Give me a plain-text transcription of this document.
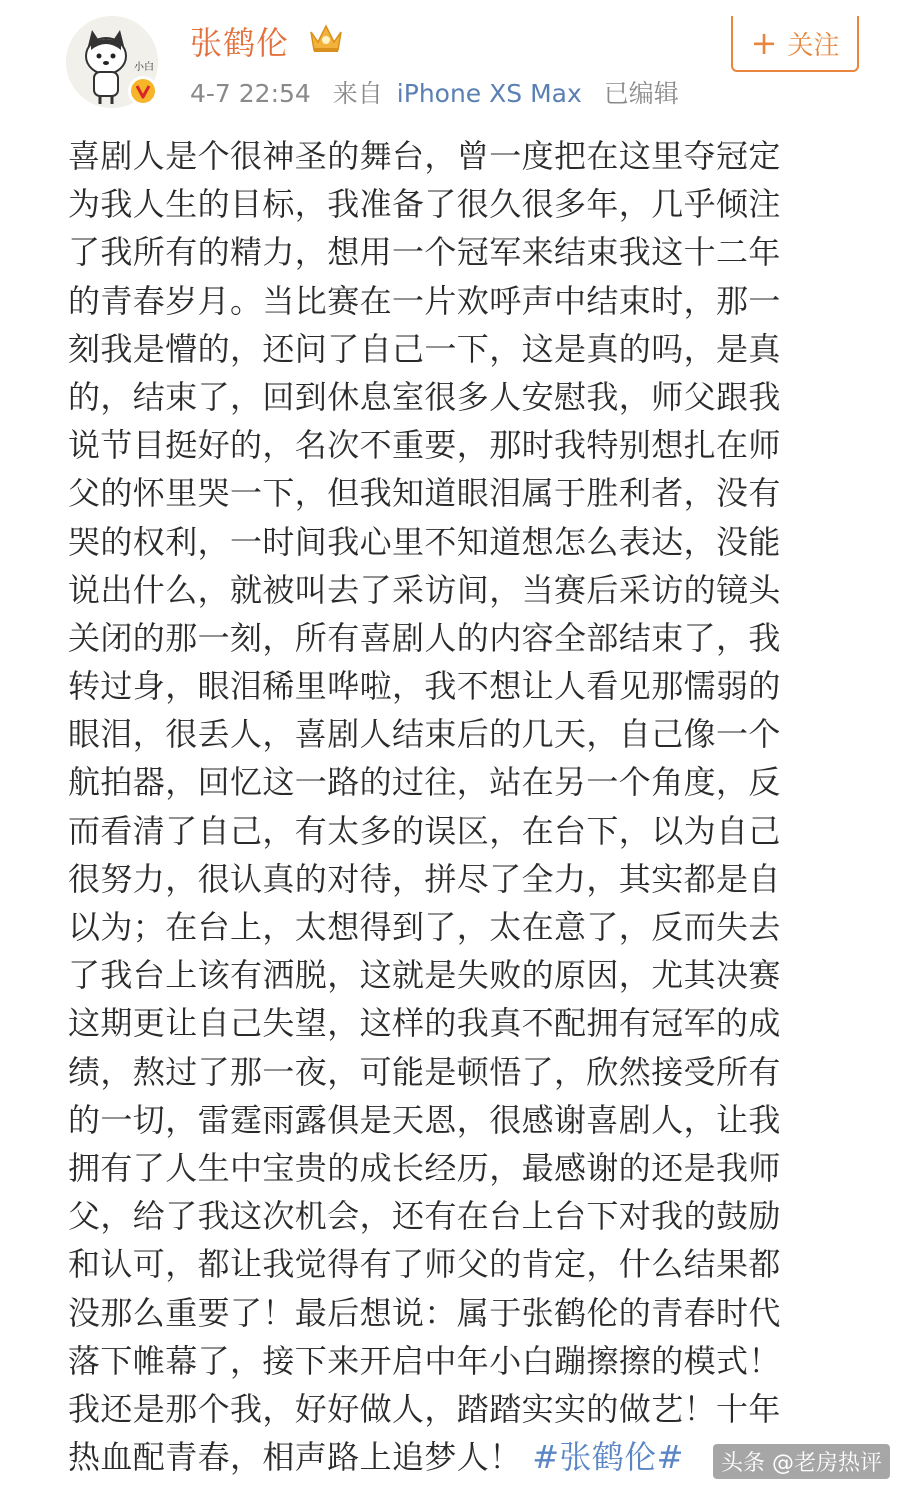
小白
张鹤伦
4-7 22:54 来自 iPhone XS Max 已编辑
+ 关注
喜剧人是个很神圣的舞台，曾一度把在这里夺冠定
为我人生的目标，我准备了很久很多年，几乎倾注
了我所有的精力，想用一个冠军来结束我这十二年
的青春岁月。当比赛在一片欢呼声中结束时，那一
刻我是懵的，还问了自己一下，这是真的吗，是真
的，结束了，回到休息室很多人安慰我，师父跟我
说节目挺好的，名次不重要，那时我特别想扎在师
父的怀里哭一下，但我知道眼泪属于胜利者，没有
哭的权利，一时间我心里不知道想怎么表达，没能
说出什么，就被叫去了采访间，当赛后采访的镜头
关闭的那一刻，所有喜剧人的内容全部结束了，我
转过身，眼泪稀里哗啦，我不想让人看见那懦弱的
眼泪，很丢人，喜剧人结束后的几天，自己像一个
航拍器，回忆这一路的过往，站在另一个角度，反
而看清了自己，有太多的误区，在台下，以为自己
很努力，很认真的对待，拼尽了全力，其实都是自
以为；在台上，太想得到了，太在意了，反而失去
了我台上该有洒脱，这就是失败的原因，尤其决赛
这期更让自己失望，这样的我真不配拥有冠军的成
绩，熬过了那一夜，可能是顿悟了，欣然接受所有
的一切，雷霆雨露俱是天恩，很感谢喜剧人，让我
拥有了人生中宝贵的成长经历，最感谢的还是我师
父，给了我这次机会，还有在台上台下对我的鼓励
和认可，都让我觉得有了师父的肯定，什么结果都
没那么重要了！最后想说：属于张鹤伦的青春时代
落下帷幕了，接下来开启中年小白蹦擦擦的模式！
我还是那个我，好好做人，踏踏实实的做艺！十年
热血配青春，相声路上追梦人！ #张鹤伦#	头条 @老房热评
